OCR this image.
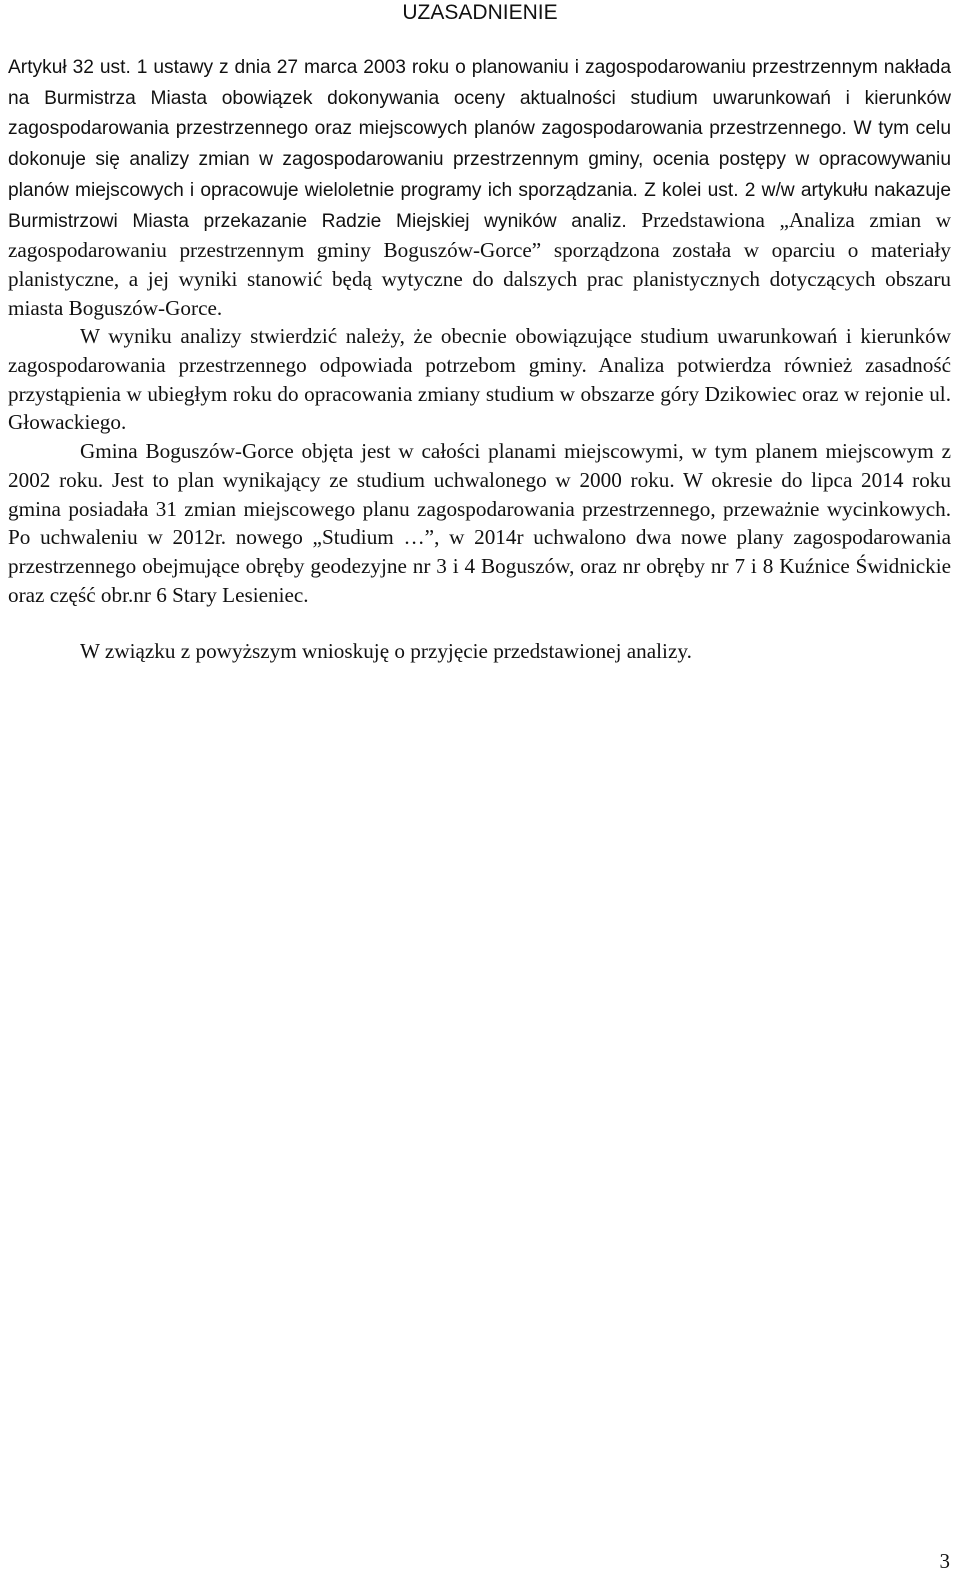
UZASADNIENIE

Artykuł 32 ust. 1 ustawy z dnia 27 marca 2003 roku o planowaniu i zagospodarowaniu przestrzennym nakłada na Burmistrza Miasta obowiązek dokonywania oceny aktualności studium uwarunkowań i kierunków zagospodarowania przestrzennego oraz miejscowych planów zagospodarowania przestrzennego. W tym celu dokonuje się analizy zmian w zagospodarowaniu przestrzennym gminy, ocenia postępy w opracowywaniu planów miejscowych i opracowuje wieloletnie programy ich sporządzania. Z kolei ust. 2 w/w artykułu nakazuje Burmistrzowi Miasta przekazanie Radzie Miejskiej wyników analiz. Przedstawiona „Analiza zmian w zagospodarowaniu przestrzennym gminy Boguszów-Gorce” sporządzona została w oparciu o materiały planistyczne, a jej wyniki stanowić będą wytyczne do dalszych prac planistycznych dotyczących obszaru miasta Boguszów-Gorce.

W wyniku analizy stwierdzić należy, że obecnie obowiązujące studium uwarunkowań i kierunków zagospodarowania przestrzennego odpowiada potrzebom gminy. Analiza potwierdza również zasadność przystąpienia w ubiegłym roku do opracowania zmiany studium w obszarze góry Dzikowiec oraz w rejonie ul. Głowackiego.

Gmina Boguszów-Gorce objęta jest w całości planami miejscowymi, w tym planem miejscowym z 2002 roku. Jest to plan wynikający ze studium uchwalonego w 2000 roku. W okresie do lipca 2014 roku gmina posiadała 31 zmian miejscowego planu zagospodarowania przestrzennego, przeważnie wycinkowych. Po uchwaleniu w 2012r. nowego „Studium …”, w 2014r uchwalono dwa nowe plany zagospodarowania przestrzennego obejmujące obręby geodezyjne nr 3 i 4 Boguszów, oraz nr obręby nr 7 i 8 Kuźnice Świdnickie oraz część obr.nr 6 Stary Lesieniec.

W związku z powyższym wnioskuję o przyjęcie przedstawionej analizy.

3
